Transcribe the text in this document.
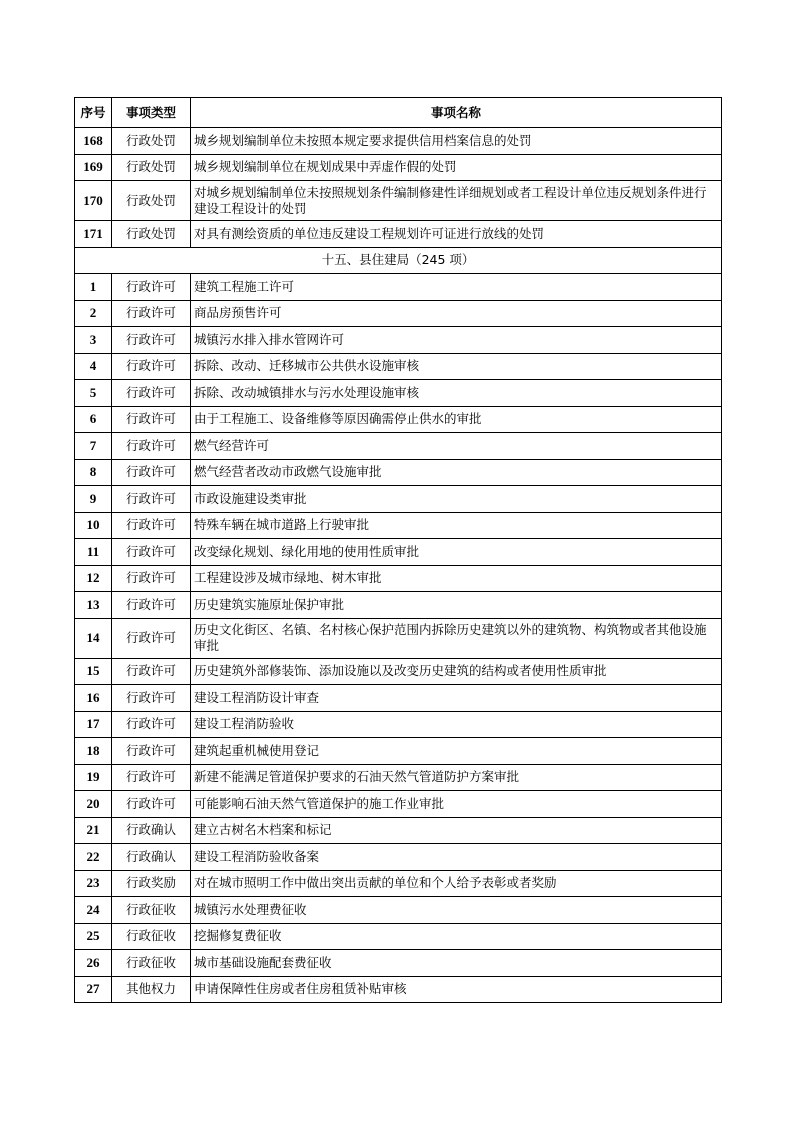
序号	事项类型	事项名称
168	行政处罚	城乡规划编制单位未按照本规定要求提供信用档案信息的处罚
169	行政处罚	城乡规划编制单位在规划成果中弄虚作假的处罚
170	行政处罚	对城乡规划编制单位未按照规划条件编制修建性详细规划或者工程设计单位违反规划条件进行建设工程设计的处罚
171	行政处罚	对具有测绘资质的单位违反建设工程规划许可证进行放线的处罚
十五、县住建局（245 项）		
1	行政许可	建筑工程施工许可
2	行政许可	商品房预售许可
3	行政许可	城镇污水排入排水管网许可
4	行政许可	拆除、改动、迁移城市公共供水设施审核
5	行政许可	拆除、改动城镇排水与污水处理设施审核
6	行政许可	由于工程施工、设备维修等原因确需停止供水的审批
7	行政许可	燃气经营许可
8	行政许可	燃气经营者改动市政燃气设施审批
9	行政许可	市政设施建设类审批
10	行政许可	特殊车辆在城市道路上行驶审批
11	行政许可	改变绿化规划、绿化用地的使用性质审批
12	行政许可	工程建设涉及城市绿地、树木审批
13	行政许可	历史建筑实施原址保护审批
14	行政许可	历史文化街区、名镇、名村核心保护范围内拆除历史建筑以外的建筑物、构筑物或者其他设施审批
15	行政许可	历史建筑外部修装饰、添加设施以及改变历史建筑的结构或者使用性质审批
16	行政许可	建设工程消防设计审查
17	行政许可	建设工程消防验收
18	行政许可	建筑起重机械使用登记
19	行政许可	新建不能满足管道保护要求的石油天然气管道防护方案审批
20	行政许可	可能影响石油天然气管道保护的施工作业审批
21	行政确认	建立古树名木档案和标记
22	行政确认	建设工程消防验收备案
23	行政奖励	对在城市照明工作中做出突出贡献的单位和个人给予表彰或者奖励
24	行政征收	城镇污水处理费征收
25	行政征收	挖掘修复费征收
26	行政征收	城市基础设施配套费征收
27	其他权力	申请保障性住房或者住房租赁补贴审核
